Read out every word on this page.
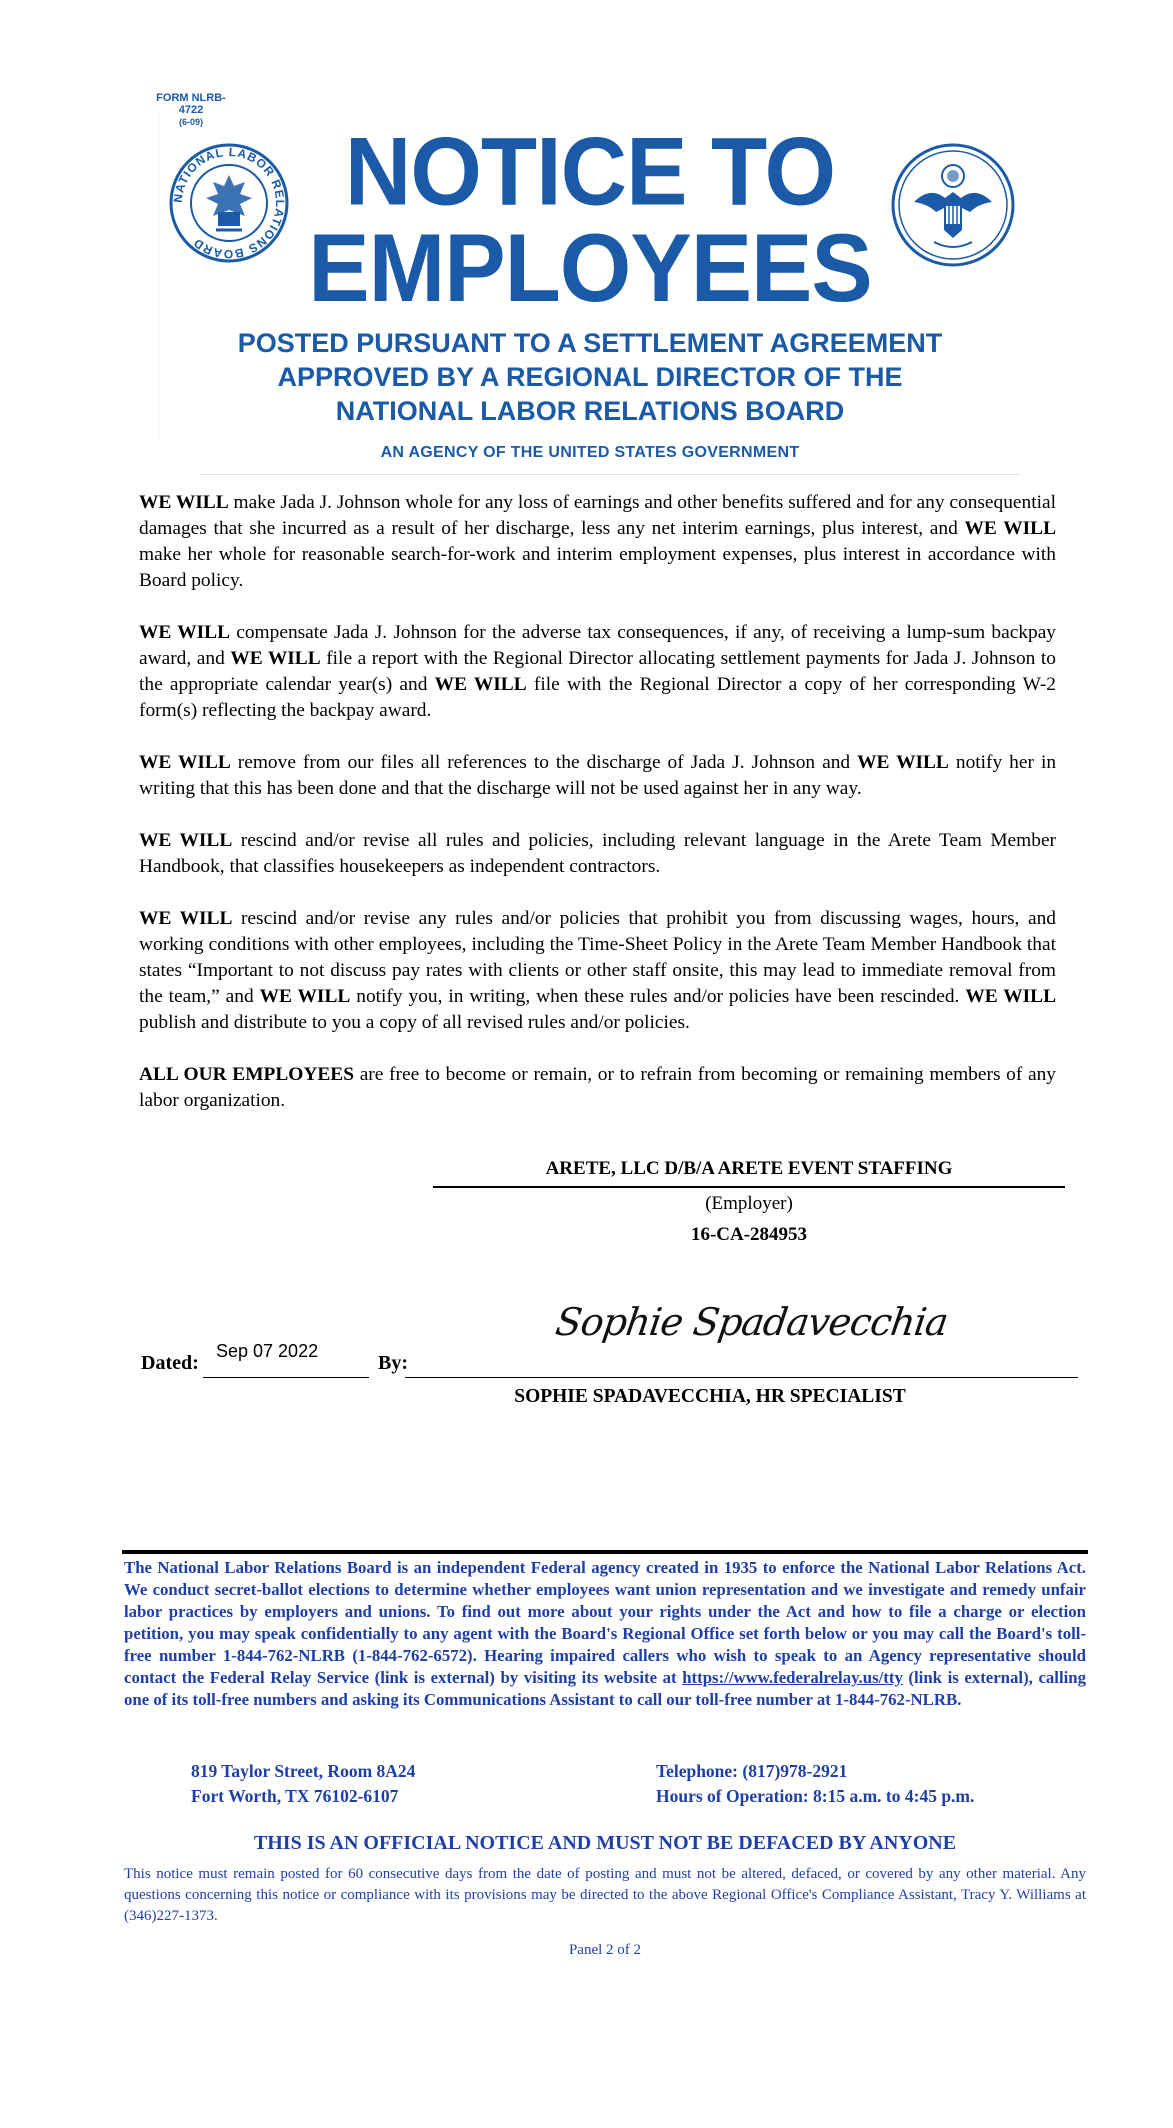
FORM NLRB-4722
(6-09)
NATIONAL LABOR RELATIONS BOARD
NOTICE TO
EMPLOYEES
POSTED PURSUANT TO A SETTLEMENT AGREEMENT
APPROVED BY A REGIONAL DIRECTOR OF THE
NATIONAL LABOR RELATIONS BOARD
AN AGENCY OF THE UNITED STATES GOVERNMENT

WE WILL make Jada J. Johnson whole for any loss of earnings and other benefits suffered and for any consequential damages that she incurred as a result of her discharge, less any net interim earnings, plus interest, and WE WILL make her whole for reasonable search-for-work and interim employment expenses, plus interest in accordance with Board policy.

WE WILL compensate Jada J. Johnson for the adverse tax consequences, if any, of receiving a lump-sum backpay award, and WE WILL file a report with the Regional Director allocating settlement payments for Jada J. Johnson to the appropriate calendar year(s) and WE WILL file with the Regional Director a copy of her corresponding W-2 form(s) reflecting the backpay award.

WE WILL remove from our files all references to the discharge of Jada J. Johnson and WE WILL notify her in writing that this has been done and that the discharge will not be used against her in any way.

WE WILL rescind and/or revise all rules and policies, including relevant language in the Arete Team Member Handbook, that classifies housekeepers as independent contractors.

WE WILL rescind and/or revise any rules and/or policies that prohibit you from discussing wages, hours, and working conditions with other employees, including the Time-Sheet Policy in the Arete Team Member Handbook that states “Important to not discuss pay rates with clients or other staff onsite, this may lead to immediate removal from the team,” and WE WILL notify you, in writing, when these rules and/or policies have been rescinded. WE WILL publish and distribute to you a copy of all revised rules and/or policies.

ALL OUR EMPLOYEES are free to become or remain, or to refrain from becoming or remaining members of any labor organization.

ARETE, LLC D/B/A ARETE EVENT STAFFING
(Employer)
16-CA-284953
Dated:
Sep 07 2022
By:
Sophie Spadavecchia
SOPHIE SPADAVECCHIA, HR SPECIALIST
The National Labor Relations Board is an independent Federal agency created in 1935 to enforce the National Labor Relations Act. We conduct secret-ballot elections to determine whether employees want union representation and we investigate and remedy unfair labor practices by employers and unions. To find out more about your rights under the Act and how to file a charge or election petition, you may speak confidentially to any agent with the Board's Regional Office set forth below or you may call the Board's toll-free number 1-844-762-NLRB (1-844-762-6572). Hearing impaired callers who wish to speak to an Agency representative should contact the Federal Relay Service (link is external) by visiting its website at https://www.federalrelay.us/tty (link is external), calling one of its toll-free numbers and asking its Communications Assistant to call our toll-free number at 1-844-762-NLRB.
819 Taylor Street, Room 8A24
Fort Worth, TX 76102-6107
Telephone: (817)978-2921
Hours of Operation: 8:15 a.m. to 4:45 p.m.
THIS IS AN OFFICIAL NOTICE AND MUST NOT BE DEFACED BY ANYONE
This notice must remain posted for 60 consecutive days from the date of posting and must not be altered, defaced, or covered by any other material. Any questions concerning this notice or compliance with its provisions may be directed to the above Regional Office's Compliance Assistant, Tracy Y. Williams at (346)227-1373.
Panel 2 of 2
